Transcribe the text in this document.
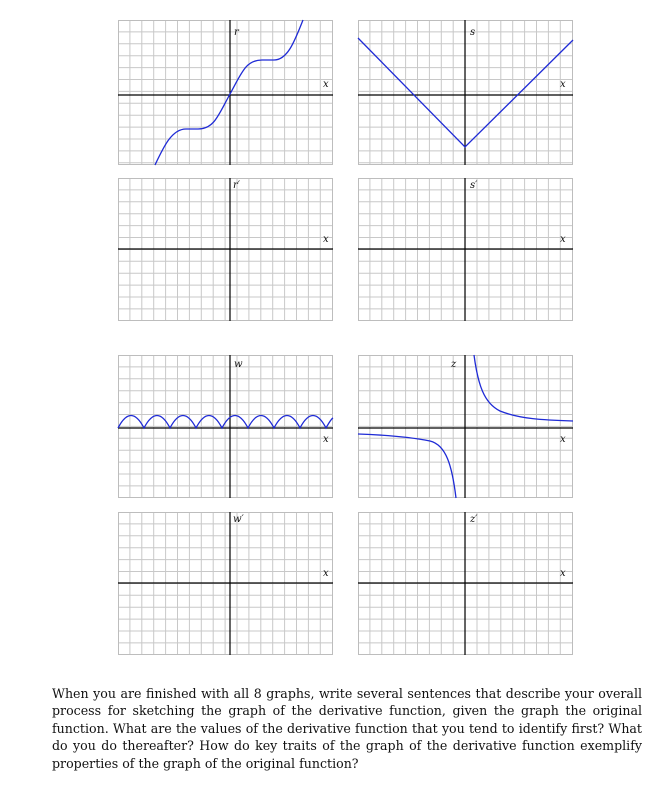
r
x
s
x
r′
x
s′
x
w
x
z
x
w′
x
z′
x

When you are finished with all 8 graphs, write several sentences that describe your overall process for sketching the graph of the derivative function, given the graph the original function. What are the values of the derivative function that you tend to identify first? What do you do thereafter? How do key traits of the graph of the derivative function exemplify properties of the graph of the original function?
